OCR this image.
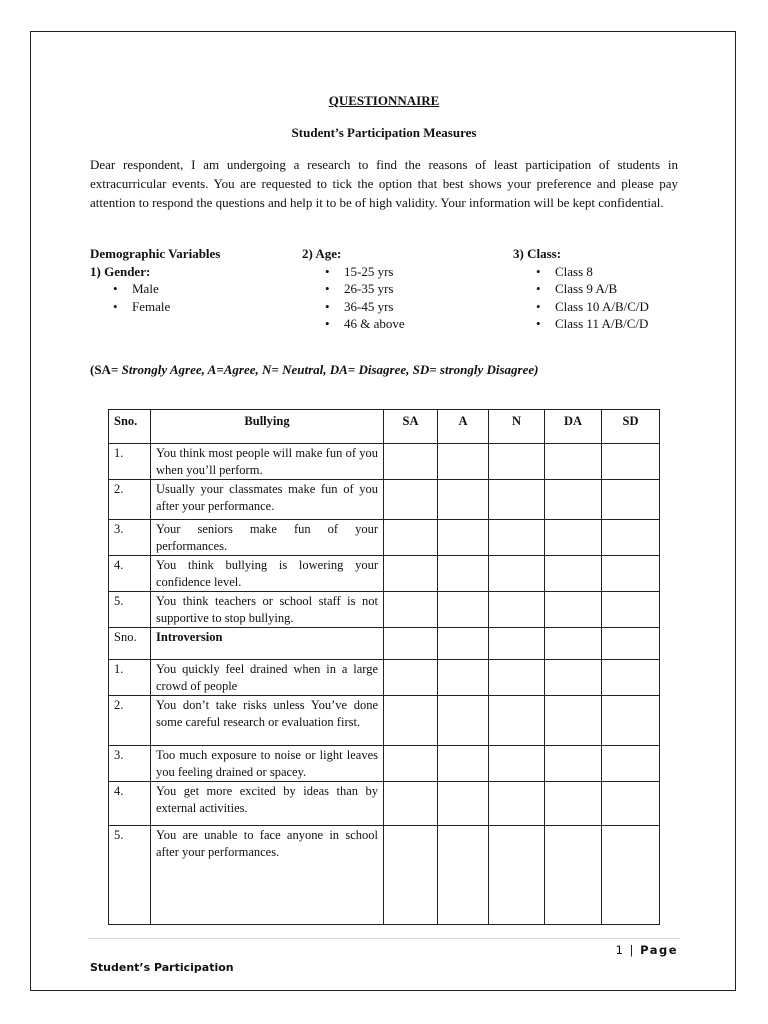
QUESTIONNAIRE
Student’s Participation Measures
Dear respondent, I am undergoing a research to find the reasons of least participation of students in extracurricular events. You are requested to tick the option that best shows your preference and please pay attention to respond the questions and help it to be of high validity. Your information will be kept confidential.
Demographic Variables
1) Gender:
• Male
• Female
2) Age:
• 15-25 yrs
• 26-35 yrs
• 36-45 yrs
• 46 & above
3) Class:
• Class 8
• Class 9 A/B
• Class 10 A/B/C/D
• Class 11 A/B/C/D
(SA= Strongly Agree, A=Agree, N= Neutral, DA= Disagree, SD= strongly Disagree)
Sno.	Bullying	SA	A	N	DA	SD
1.	You think most people will make fun of you when you’ll perform.					
2.	Usually your classmates make fun of you after your performance.					
3.	Your seniors make fun of your performances.					
4.	You think bullying is lowering your confidence level.					
5.	You think teachers or school staff is not supportive to stop bullying.					
Sno.	Introversion					
1.	You quickly feel drained when in a large crowd of people					
2.	You don’t take risks unless You’ve done some careful research or evaluation first.					
3.	Too much exposure to noise or light leaves you feeling drained or spacey.					
4.	You get more excited by ideas than by external activities.					
5.	You are unable to face anyone in school after your performances.					
1 | Page
Student’s Participation
